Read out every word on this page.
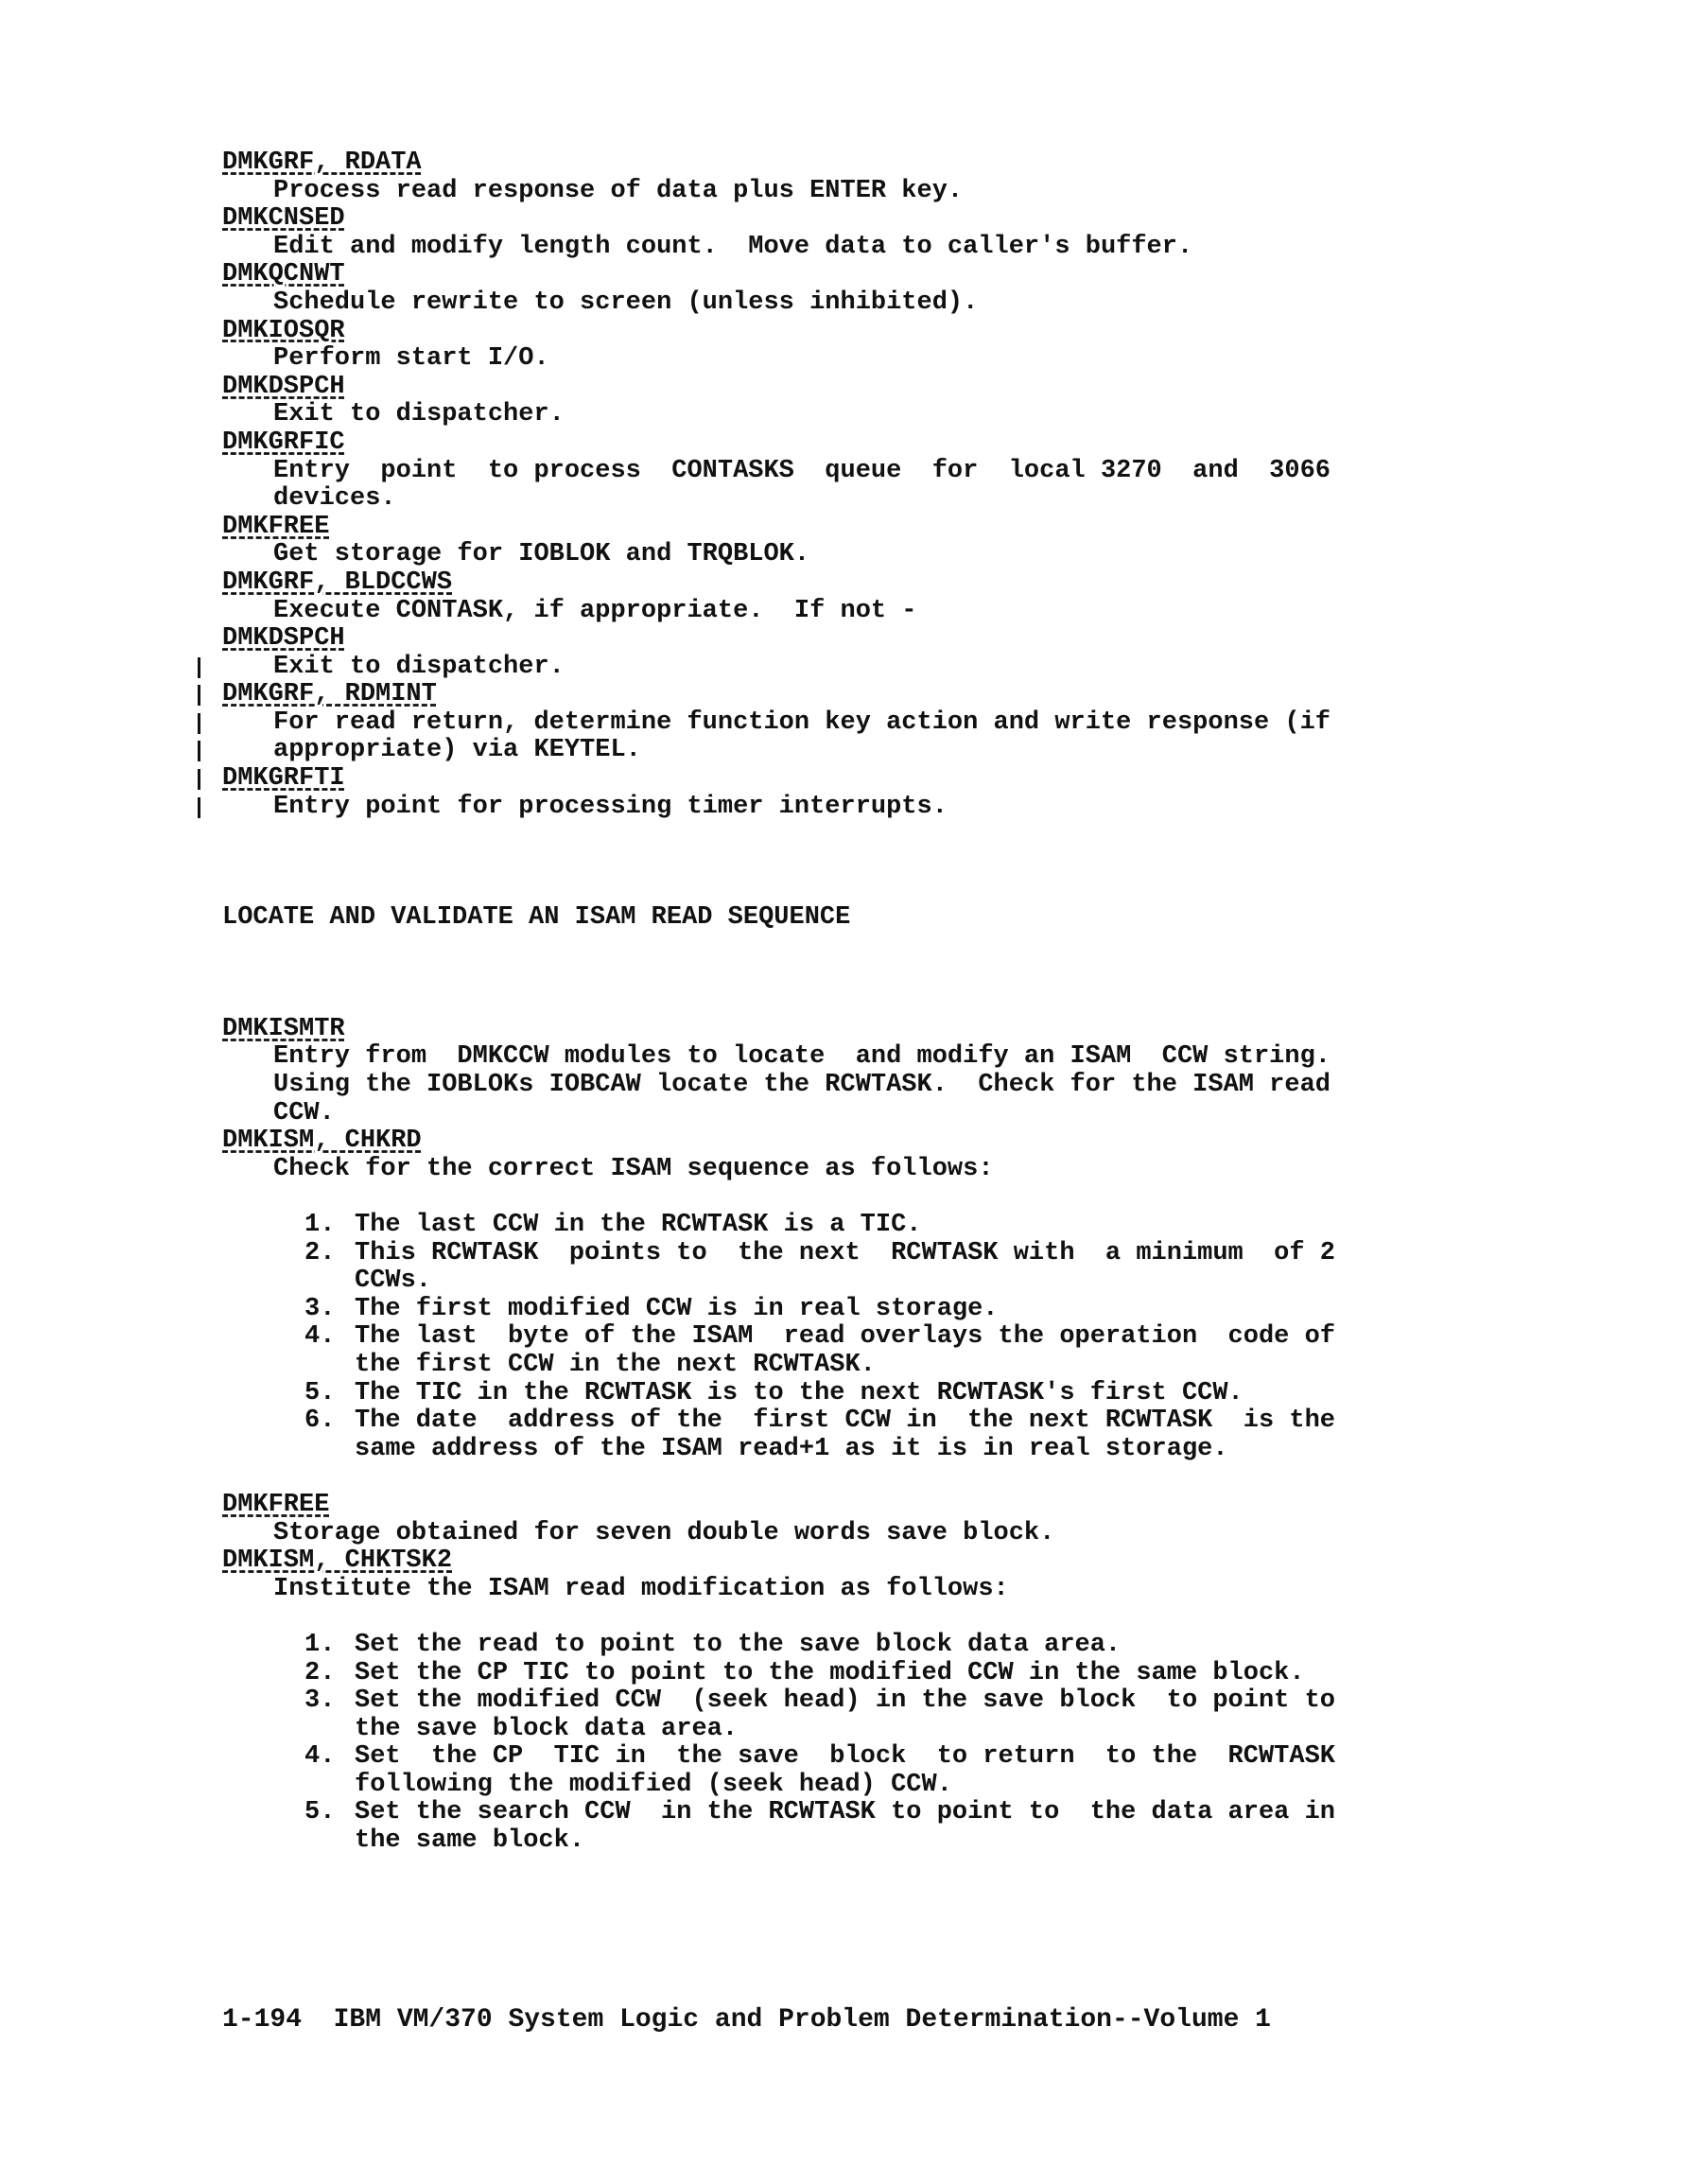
DMKGRF, RDATA
Process read response of data plus ENTER key.
DMKCNSED
Edit and modify length count.  Move data to caller's buffer.
DMKQCNWT
Schedule rewrite to screen (unless inhibited).
DMKIOSQR
Perform start I/O.
DMKDSPCH
Exit to dispatcher.
DMKGRFIC
Entry  point  to process  CONTASKS  queue  for  local 3270  and  3066
devices.
DMKFREE
Get storage for IOBLOK and TRQBLOK.
DMKGRF, BLDCCWS
Execute CONTASK, if appropriate.  If not -
DMKDSPCH
Exit to dispatcher.
DMKGRF, RDMINT
For read return, determine function key action and write response (if
appropriate) via KEYTEL.
DMKGRFTI
Entry point for processing timer interrupts.
LOCATE AND VALIDATE AN ISAM READ SEQUENCE
DMKISMTR
Entry from  DMKCCW modules to locate  and modify an ISAM  CCW string.
Using the IOBLOKs IOBCAW locate the RCWTASK.  Check for the ISAM read
CCW.
DMKISM, CHKRD
Check for the correct ISAM sequence as follows:
1. The last CCW in the RCWTASK is a TIC.
2. This RCWTASK  points to  the next  RCWTASK with  a minimum  of 2
CCWs.
3. The first modified CCW is in real storage.
4. The last  byte of the ISAM  read overlays the operation  code of
the first CCW in the next RCWTASK.
5. The TIC in the RCWTASK is to the next RCWTASK's first CCW.
6. The date  address of the  first CCW in  the next RCWTASK  is the
same address of the ISAM read+1 as it is in real storage.
DMKFREE
Storage obtained for seven double words save block.
DMKISM, CHKTSK2
Institute the ISAM read modification as follows:
1. Set the read to point to the save block data area.
2. Set the CP TIC to point to the modified CCW in the same block.
3. Set the modified CCW  (seek head) in the save block  to point to
the save block data area.
4. Set  the CP  TIC in  the save  block  to return  to the  RCWTASK
following the modified (seek head) CCW.
5. Set the search CCW  in the RCWTASK to point to  the data area in
the same block.
1-194  IBM VM/370 System Logic and Problem Determination--Volume 1
